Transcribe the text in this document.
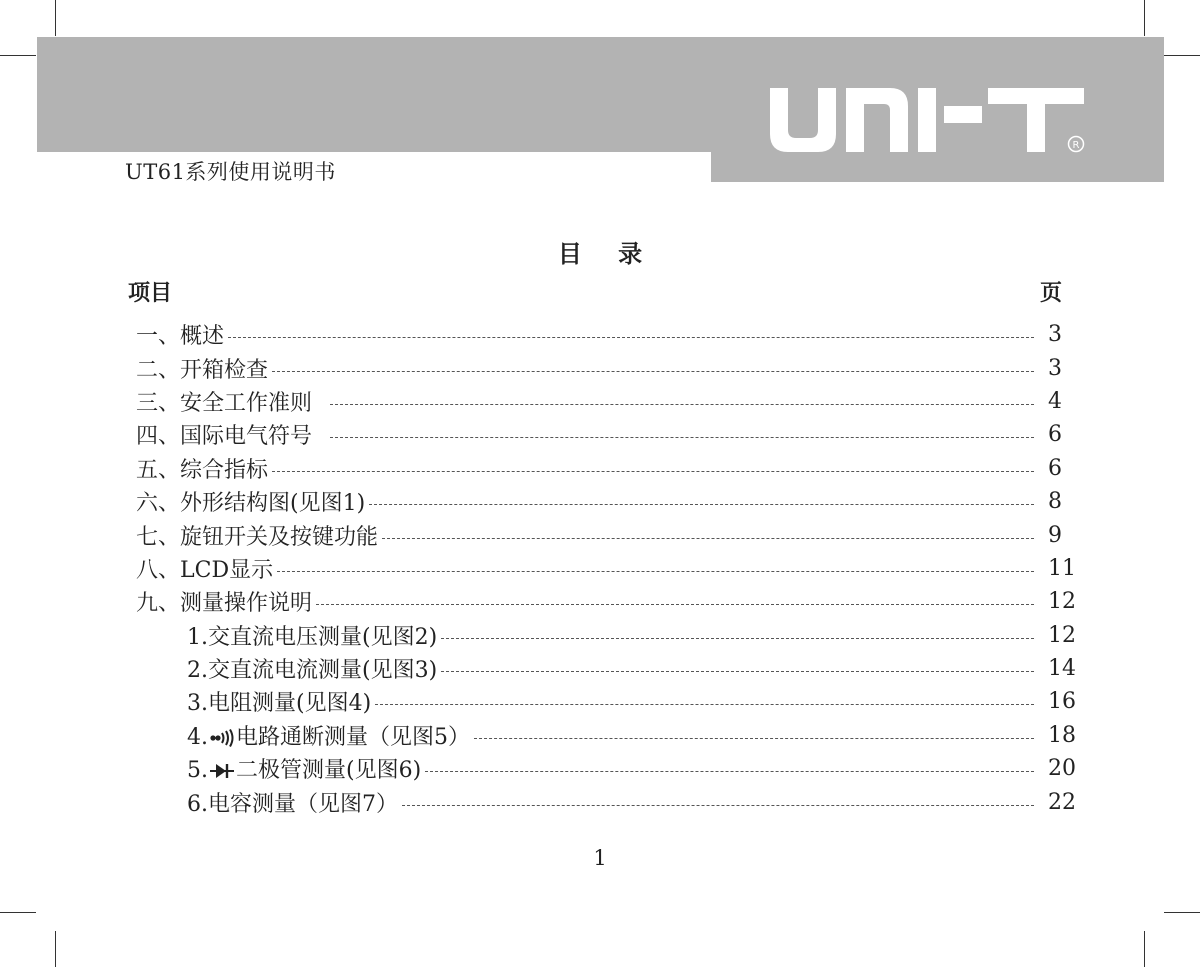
R
UT61系列使用说明书
目 录
项目	页
一、概述	3
二、开箱检查	3
三、安全工作准则	4
四、国际电气符号	6
五、综合指标	6
六、外形结构图(见图1)	8
七、旋钮开关及按键功能	9
八、LCD显示	11
九、测量操作说明	12
1.交直流电压测量(见图2)	12
2.交直流电流测量(见图3)	14
3.电阻测量(见图4)	16
4. 电路通断测量（见图5）	18
5. 二极管测量(见图6)	20
6.电容测量（见图7）	22
1
